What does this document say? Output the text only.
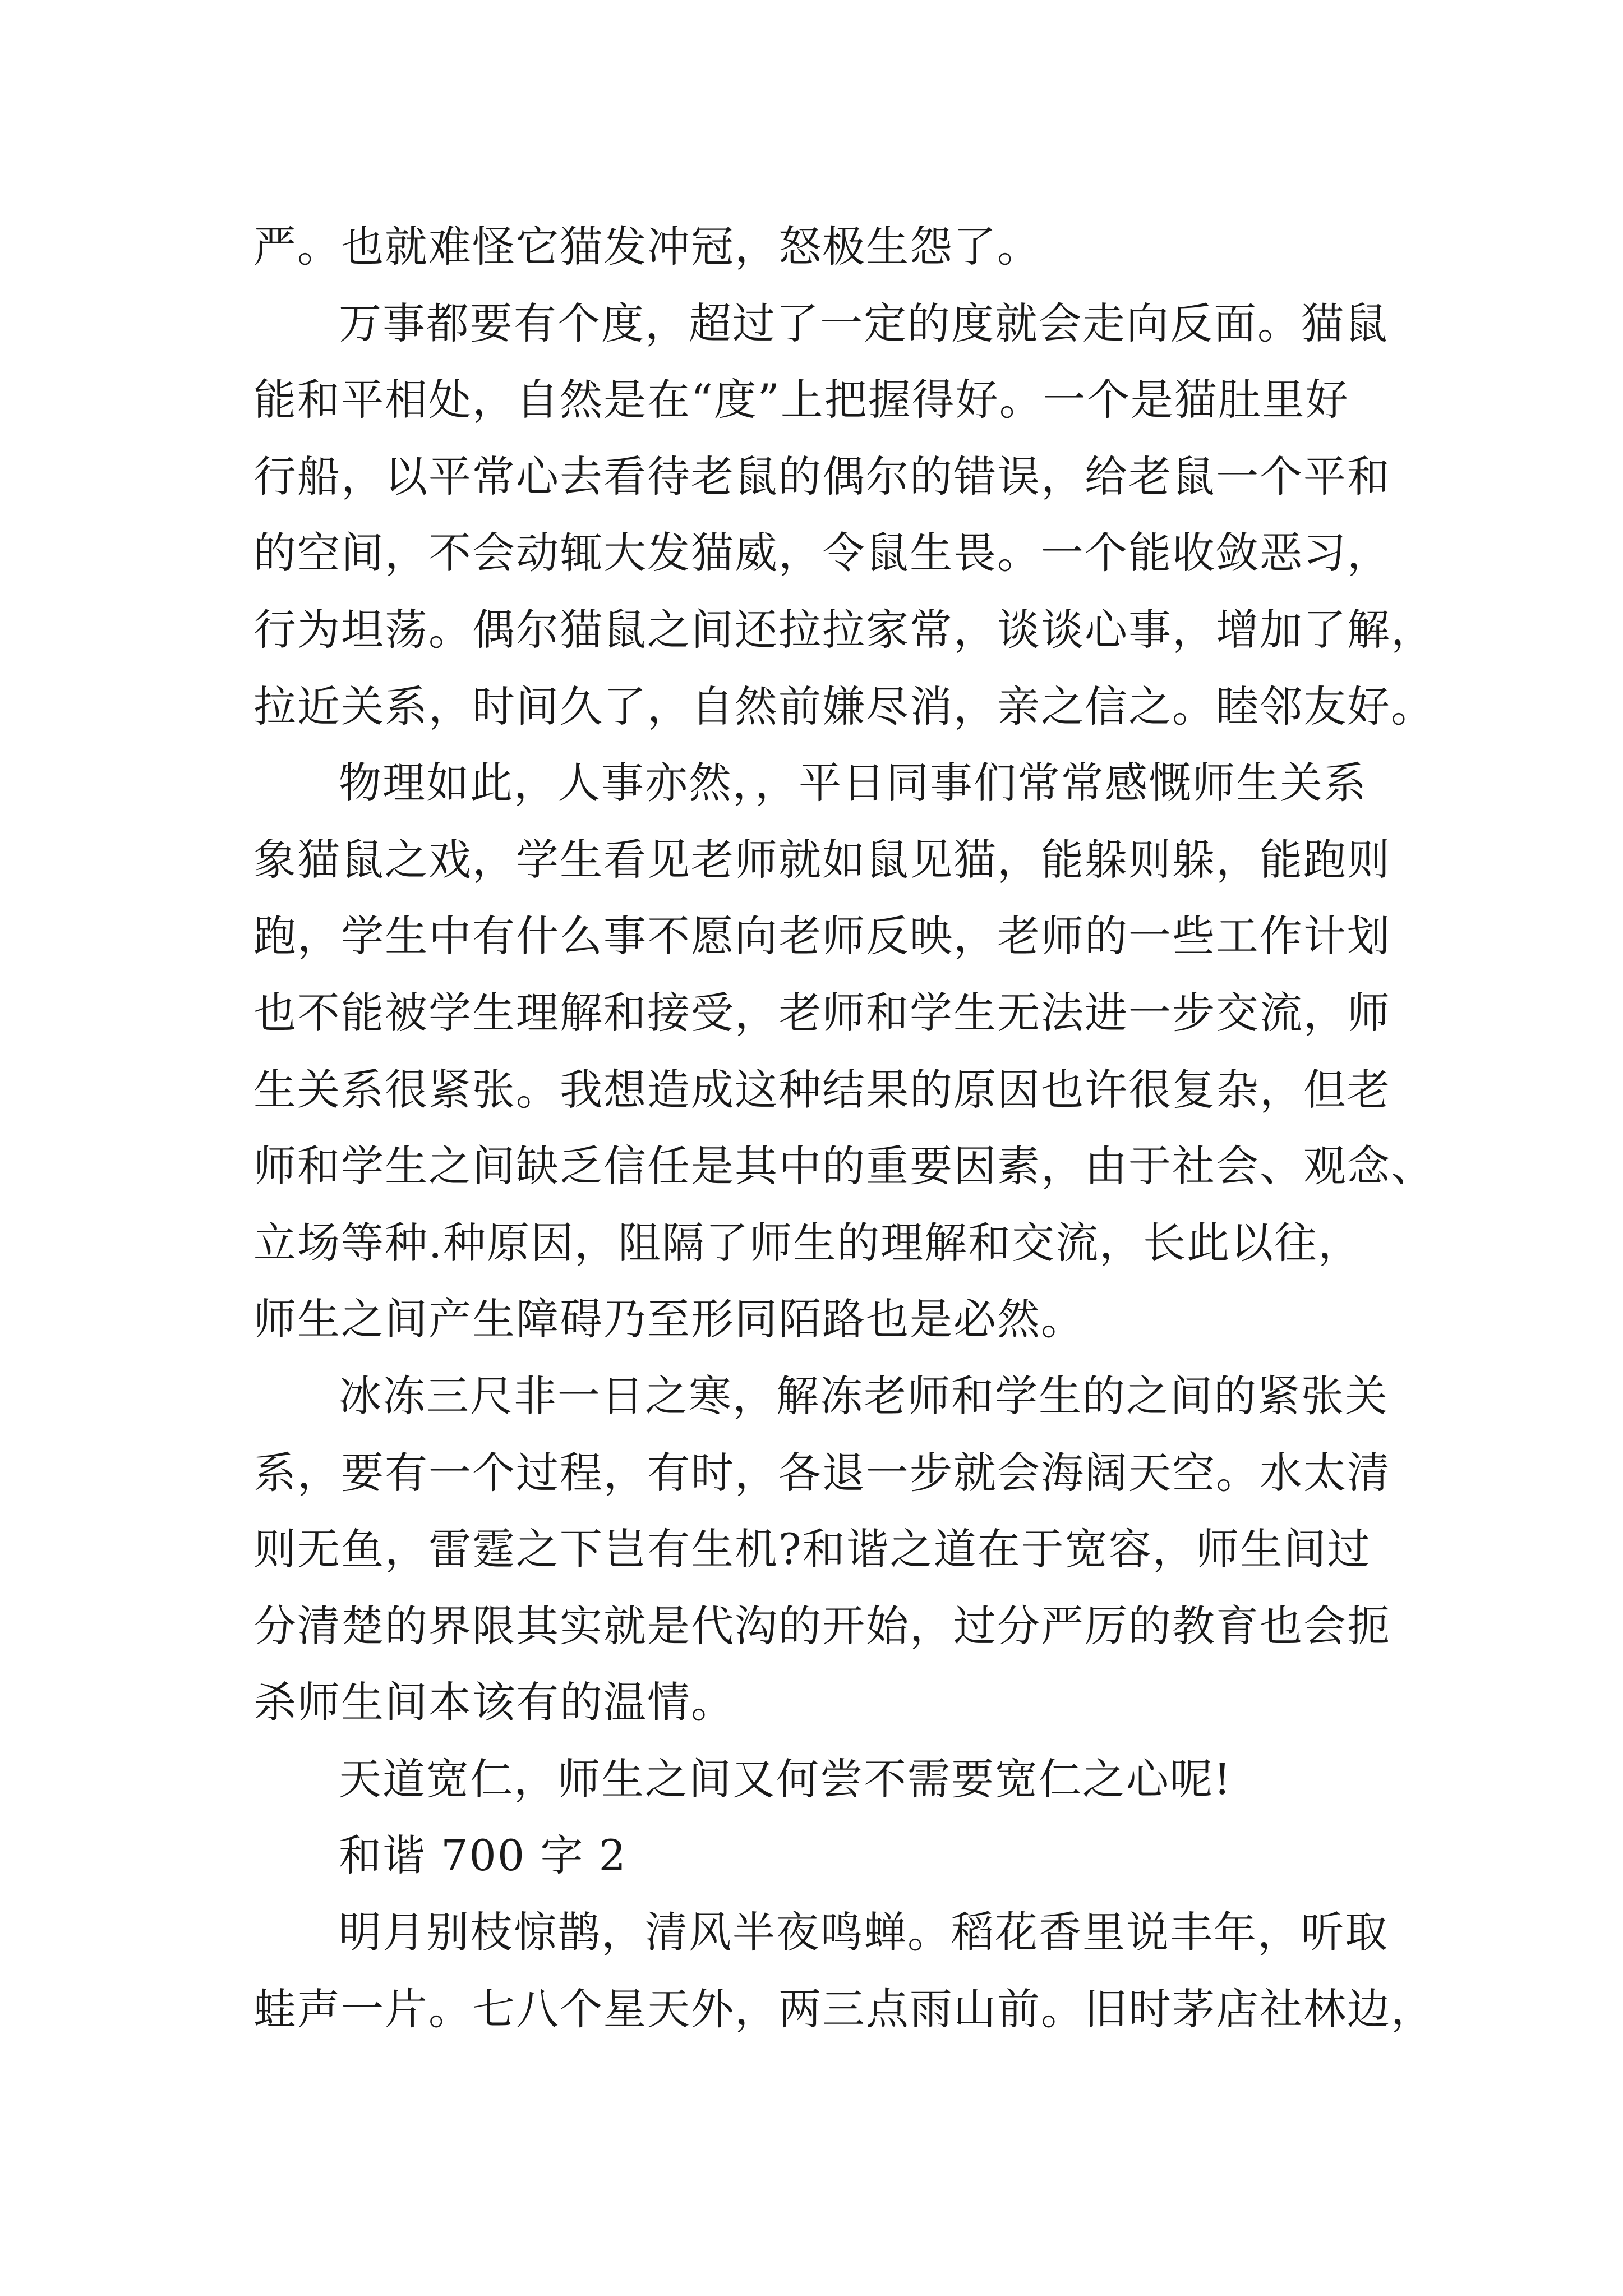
严。也就难怪它猫发冲冠，怒极生怨了。
万事都要有个度，超过了一定的度就会走向反面。猫鼠
能和平相处，自然是在“度”上把握得好。一个是猫肚里好
行船，以平常心去看待老鼠的偶尔的错误，给老鼠一个平和
的空间，不会动辄大发猫威，令鼠生畏。一个能收敛恶习，
行为坦荡。偶尔猫鼠之间还拉拉家常，谈谈心事，增加了解，
拉近关系，时间久了，自然前嫌尽消，亲之信之。睦邻友好。
物理如此，人事亦然，，平日同事们常常感慨师生关系
象猫鼠之戏，学生看见老师就如鼠见猫，能躲则躲，能跑则
跑，学生中有什么事不愿向老师反映，老师的一些工作计划
也不能被学生理解和接受，老师和学生无法进一步交流，师
生关系很紧张。我想造成这种结果的原因也许很复杂，但老
师和学生之间缺乏信任是其中的重要因素，由于社会、观念、
立场等种.种原因，阻隔了师生的理解和交流，长此以往，
师生之间产生障碍乃至形同陌路也是必然。
冰冻三尺非一日之寒，解冻老师和学生的之间的紧张关
系，要有一个过程，有时，各退一步就会海阔天空。水太清
则无鱼，雷霆之下岂有生机?和谐之道在于宽容，师生间过
分清楚的界限其实就是代沟的开始，过分严厉的教育也会扼
杀师生间本该有的温情。
天道宽仁，师生之间又何尝不需要宽仁之心呢!
和谐 700 字 2
明月别枝惊鹊，清风半夜鸣蝉。稻花香里说丰年，听取
蛙声一片。七八个星天外，两三点雨山前。旧时茅店社林边，
